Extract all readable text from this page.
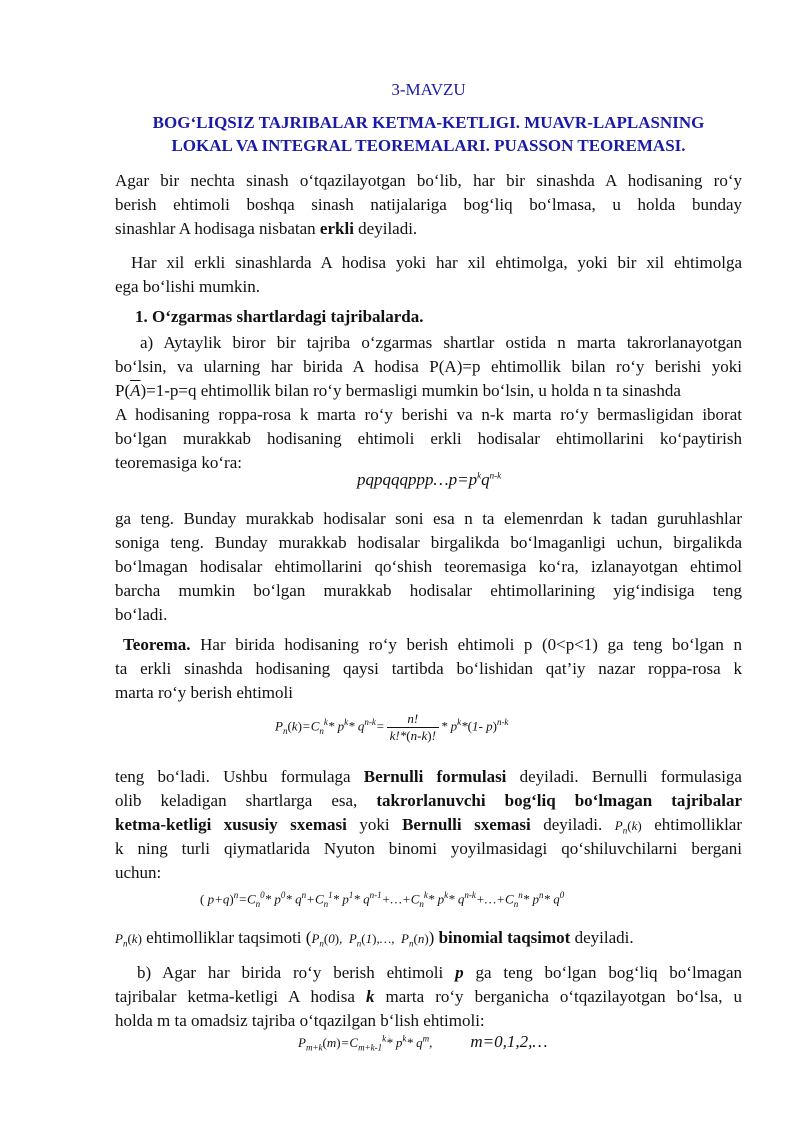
3-MAVZU
BOG‘LIQSIZ TAJRIBALAR KETMA-KETLIGI. MUAVR-LAPLASNING
LOKAL VA INTEGRAL TEOREMALARI. PUASSON TEOREMASI.
Agar bir nechta sinash o‘tqazilayotgan bo‘lib, har bir sinashda A hodisaning ro‘y
berish ehtimoli boshqa sinash natijalariga bog‘liq bo‘lmasa, u holda bunday
sinashlar A hodisaga nisbatan erkli deyiladi.
Har xil erkli sinashlarda A hodisa yoki har xil ehtimolga, yoki bir xil ehtimolga
ega bo‘lishi mumkin.
1. O‘zgarmas shartlardagi tajribalarda.
a) Aytaylik biror bir tajriba o‘zgarmas shartlar ostida n marta takrorlanayotgan
bo‘lsin, va ularning har birida A hodisa P(A)=p ehtimollik bilan ro‘y berishi yoki
$P(\overline{A})=1-p=q$ ehtimollik bilan ro‘y bermasligi mumkin bo‘lsin, u holda n ta sinashda
A hodisaning roppa-rosa k marta ro‘y berishi va n-k marta ro‘y bermasligidan iborat
bo‘lgan murakkab hodisaning ehtimoli erkli hodisalar ehtimollarini ko‘paytirish
teoremasiga ko‘ra:
$pqpqqqppp\dots p=p^kq^{n-k}$
ga teng. Bunday murakkab hodisalar soni esa n ta elemenrdan k tadan guruhlashlar
soniga teng. Bunday murakkab hodisalar birgalikda bo‘lmaganligi uchun, birgalikda
bo‘lmagan hodisalar ehtimollarini qo‘shish teoremasiga ko‘ra, izlanayotgan ehtimol
barcha mumkin bo‘lgan murakkab hodisalar ehtimollarining yig‘indisiga teng
bo‘ladi.
Teorema. Har birida hodisaning ro‘y berish ehtimoli p (0<p<1) ga teng bo‘lgan n
ta erkli sinashda hodisaning qaysi tartibda bo‘lishidan qat’iy nazar roppa-rosa k
marta ro‘y berish ehtimoli
$P_n(k)=C_n^k*$ $p^k*$ $q^{n-k}= \frac{n!}{k!*(n-k)!} * p^k*(1-$ p)$^{n-k}$
teng bo‘ladi. Ushbu formulaga Bernulli formulasi deyiladi. Bernulli formulasiga
olib keladigan shartlarga esa, takrorlanuvchi bog‘liq bo‘lmagan tajribalar
ketma-ketligi xususiy sxemasi yoki Bernulli sxemasi deyiladi. $P_n(k)$ ehtimolliklar
k ning turli qiymatlarida Nyuton binomi yoyilmasidagi qo‘shiluvchilarni bergani
uchun:
( $p+q)^n=C_n^0*$ $p^0*$ $q^n+C_n^1*$ $p^1*$ $q^{n-1}+\dots+C_n^k*$ $p^k*$ $q^{n-k}+\dots+C_n^n*$ $p^n*$ $q^0$
$P_n(k)$ ehtimolliklar taqsimoti ($P_n(0)$,  $P_n(1),\dots$,  $P_n(n)$) binomial taqsimot deyiladi.
b) Agar har birida ro‘y berish ehtimoli p ga teng bo‘lgan bog‘liq bo‘lmagan
tajribalar ketma-ketligi A hodisa k marta ro‘y berganicha o‘tqazilayotgan bo‘lsa, u
holda m ta omadsiz tajriba o‘tqazilgan b‘lish ehtimoli:
$P_{m+k}(m)=C_{m+k-1}^k*$ $p^k*$ $q^m$, m=0,1,2,…
